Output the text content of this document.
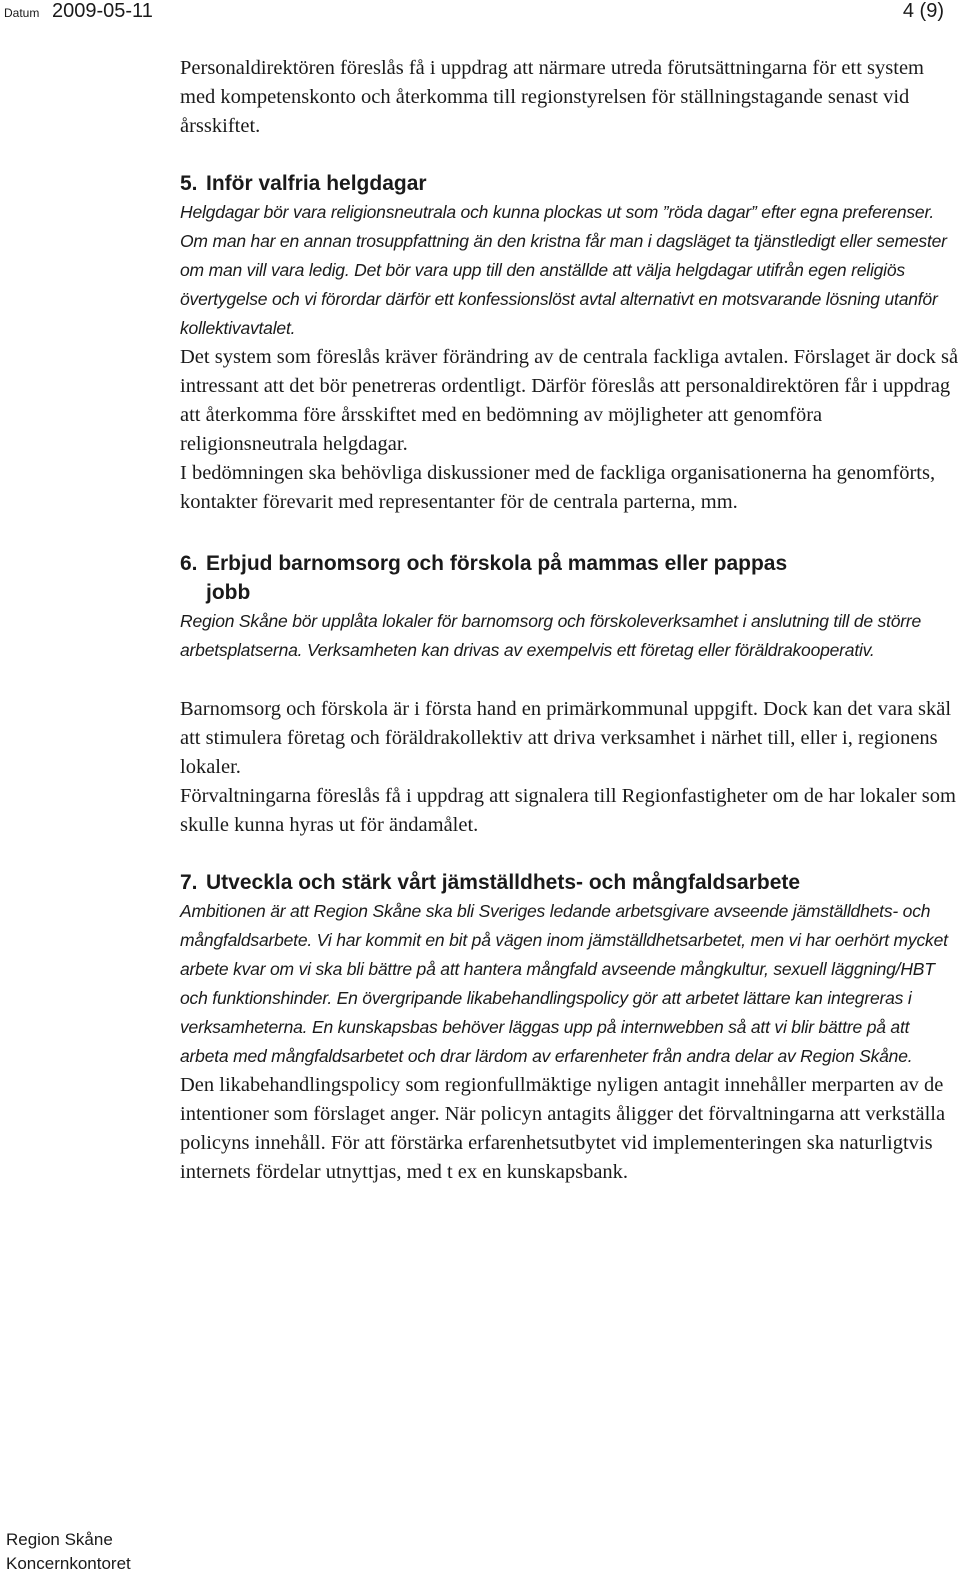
Datum 2009-05-11	4 (9)

Personaldirektören föreslås få i uppdrag att närmare utreda förutsättningarna för ett system med kompetenskonto och återkomma till regionstyrelsen för ställningstagande senast vid årsskiftet.

5. Inför valfria helgdagar

Helgdagar bör vara religionsneutrala och kunna plockas ut som ”röda dagar” efter egna preferenser. Om man har en annan trosuppfattning än den kristna får man i dagsläget ta tjänstledigt eller semester om man vill vara ledig. Det bör vara upp till den anställde att välja helgdagar utifrån egen religiös övertygelse och vi förordar därför ett konfessionslöst avtal alternativt en motsvarande lösning utanför kollektivavtalet.

Det system som föreslås kräver förändring av de centrala fackliga avtalen. Förslaget är dock så intressant att det bör penetreras ordentligt. Därför föreslås att personaldirektören får i uppdrag att återkomma före årsskiftet med en bedömning av möjligheter att genomföra religionsneutrala helgdagar.

I bedömningen ska behövliga diskussioner med de fackliga organisationerna ha genomförts, kontakter förevarit med representanter för de centrala parterna, mm.

6. Erbjud barnomsorg och förskola på mammas eller pappas
jobb

Region Skåne bör upplåta lokaler för barnomsorg och förskoleverksamhet i anslutning till de större arbetsplatserna. Verksamheten kan drivas av exempelvis ett företag eller föräldrakooperativ.

Barnomsorg och förskola är i första hand en primärkommunal uppgift. Dock kan det vara skäl att stimulera företag och föräldrakollektiv att driva verksamhet i närhet till, eller i, regionens lokaler.

Förvaltningarna föreslås få i uppdrag att signalera till Regionfastigheter om de har lokaler som skulle kunna hyras ut för ändamålet.

7. Utveckla och stärk vårt jämställdhets- och mångfaldsarbete

Ambitionen är att Region Skåne ska bli Sveriges ledande arbetsgivare avseende jämställdhets- och mångfaldsarbete. Vi har kommit en bit på vägen inom jämställdhetsarbetet, men vi har oerhört mycket arbete kvar om vi ska bli bättre på att hantera mångfald avseende mångkultur, sexuell läggning/HBT och funktionshinder. En övergripande likabehandlingspolicy gör att arbetet lättare kan integreras i verksamheterna. En kunskapsbas behöver läggas upp på internwebben så att vi blir bättre på att arbeta med mångfaldsarbetet och drar lärdom av erfarenheter från andra delar av Region Skåne.

Den likabehandlingspolicy som regionfullmäktige nyligen antagit innehåller merparten av de intentioner som förslaget anger. När policyn antagits åligger det förvaltningarna att verkställa policyns innehåll. För att förstärka erfarenhetsutbytet vid implementeringen ska naturligtvis internets fördelar utnyttjas, med t ex en kunskapsbank.

Region Skåne
Koncernkontoret
